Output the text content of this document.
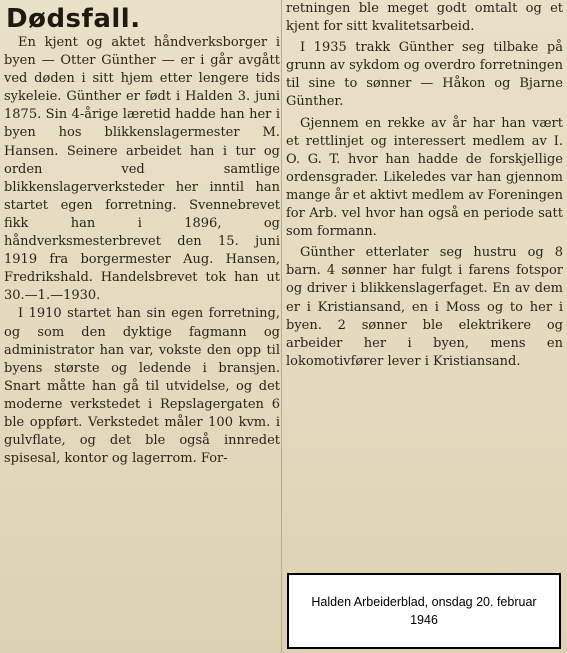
Dødsfall.

En kjent og aktet håndverksborger i byen — Otter Günther — er i går avgått ved døden i sitt hjem etter lengere tids sykeleie. Günther er født i Halden 3. juni 1875. Sin 4-årige læretid hadde han her i byen hos blikkenslagermester M. Hansen. Seinere arbeidet han i tur og orden ved samtlige blikkenslagerverksteder her inntil han startet egen forretning. Svennebrevet fikk han i 1896, og håndverksmesterbrevet den 15. juni 1919 fra borgermester Aug. Hansen, Fredrikshald. Handelsbrevet tok han ut 30.—1.—1930.

I 1910 startet han sin egen forretning, og som den dyktige fagmann og administrator han var, vokste den opp til byens største og ledende i bransjen. Snart måtte han gå til utvidelse, og det moderne verkstedet i Repslagergaten 6 ble oppført. Verkstedet måler 100 kvm. i gulvflate, og det ble også innredet spisesal, kontor og lagerrom. For-

retningen ble meget godt omtalt og et kjent for sitt kvalitetsarbeid.

I 1935 trakk Günther seg tilbake på grunn av sykdom og overdro forretningen til sine to sønner — Håkon og Bjarne Günther.

Gjennem en rekke av år har han vært et rettlinjet og interessert medlem av I. O. G. T. hvor han hadde de forskjellige ordensgrader. Likeledes var han gjennom mange år et aktivt medlem av Foreningen for Arb. vel hvor han også en periode satt som formann.

Günther etterlater seg hustru og 8 barn. 4 sønner har fulgt i farens fotspor og driver i blikkenslagerfaget. En av dem er i Kristiansand, en i Moss og to her i byen. 2 sønner ble elektrikere og arbeider her i byen, mens en lokomotivfører lever i Kristiansand.

Halden Arbeiderblad, onsdag 20. februar 1946
